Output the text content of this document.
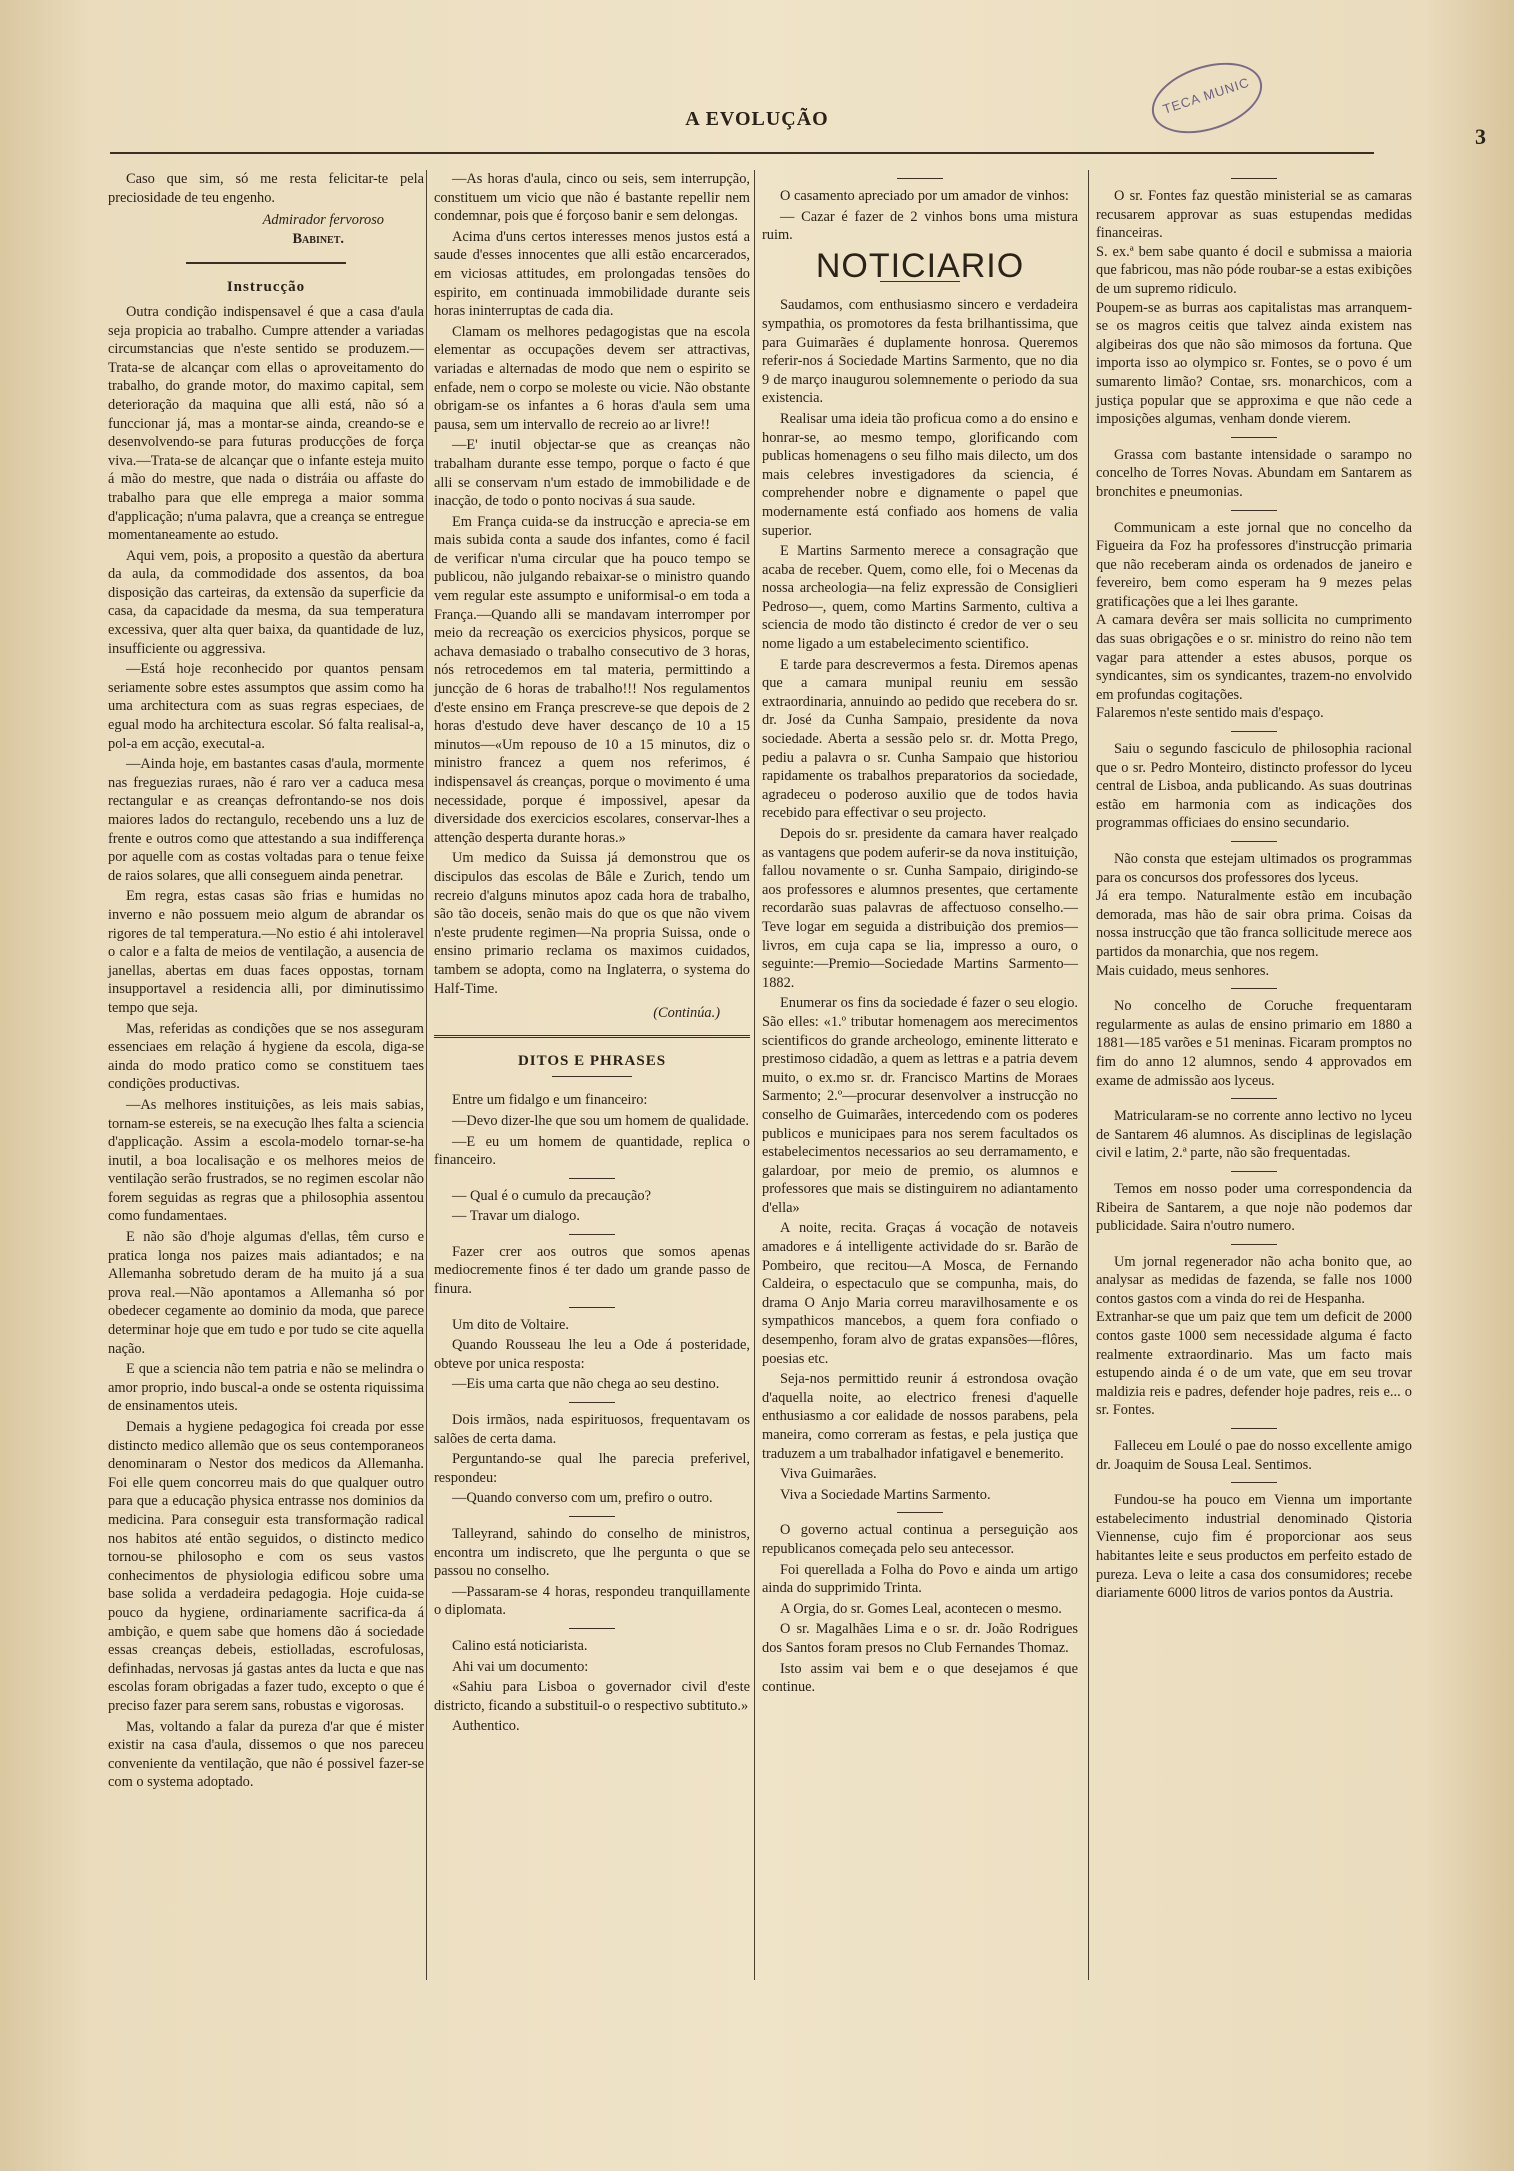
TECA MUNIC
A EVOLUÇÃO
3

Caso que sim, só me resta felicitar-te pela preciosidade de teu engenho.

Admirador fervoroso
Babinet.
Instrucção

Outra condição indispensavel é que a casa d'aula seja propicia ao trabalho. Cumpre attender a variadas circumstancias que n'este sentido se produzem.—Trata-se de alcançar com ellas o aproveitamento do trabalho, do grande motor, do maximo capital, sem deterioração da maquina que alli está, não só a funccionar já, mas a montar-se ainda, creando-se e desenvolvendo-se para futuras producções de força viva.—Trata-se de alcançar que o infante esteja muito á mão do mestre, que nada o distráia ou affaste do trabalho para que elle emprega a maior somma d'applicação; n'uma palavra, que a creança se entregue momentaneamente ao estudo.

Aqui vem, pois, a proposito a questão da abertura da aula, da commodidade dos assentos, da boa disposição das carteiras, da extensão da superficie da casa, da capacidade da mesma, da sua temperatura excessiva, quer alta quer baixa, da quantidade de luz, insufficiente ou aggressiva.

—Está hoje reconhecido por quantos pensam seriamente sobre estes assumptos que assim como ha uma architectura com as suas regras especiaes, de egual modo ha architectura escolar. Só falta realisal-a, pol-a em acção, executal-a.

—Ainda hoje, em bastantes casas d'aula, mormente nas freguezias ruraes, não é raro ver a caduca mesa rectangular e as creanças defrontando-se nos dois maiores lados do rectangulo, recebendo uns a luz de frente e outros como que attestando a sua indifferença por aquelle com as costas voltadas para o tenue feixe de raios solares, que alli conseguem ainda penetrar.

Em regra, estas casas são frias e humidas no inverno e não possuem meio algum de abrandar os rigores de tal temperatura.—No estio é ahi intoleravel o calor e a falta de meios de ventilação, a ausencia de janellas, abertas em duas faces oppostas, tornam insupportavel a residencia alli, por diminutissimo tempo que seja.

Mas, referidas as condições que se nos asseguram essenciaes em relação á hygiene da escola, diga-se ainda do modo pratico como se constituem taes condições productivas.

—As melhores instituições, as leis mais sabias, tornam-se estereis, se na execução lhes falta a sciencia d'applicação. Assim a escola-modelo tornar-se-ha inutil, a boa localisação e os melhores meios de ventilação serão frustrados, se no regimen escolar não forem seguidas as regras que a philosophia assentou como fundamentaes.

E não são d'hoje algumas d'ellas, têm curso e pratica longa nos paizes mais adiantados; e na Allemanha sobretudo deram de ha muito já a sua prova real.—Não apontamos a Allemanha só por obedecer cegamente ao dominio da moda, que parece determinar hoje que em tudo e por tudo se cite aquella nação.

E que a sciencia não tem patria e não se melindra o amor proprio, indo buscal-a onde se ostenta riquissima de ensinamentos uteis.

Demais a hygiene pedagogica foi creada por esse distincto medico allemão que os seus contemporaneos denominaram o Nestor dos medicos da Allemanha. Foi elle quem concorreu mais do que qualquer outro para que a educação physica entrasse nos dominios da medicina. Para conseguir esta transformação radical nos habitos até então seguidos, o distincto medico tornou-se philosopho e com os seus vastos conhecimentos de physiologia edificou sobre uma base solida a verdadeira pedagogia. Hoje cuida-se pouco da hygiene, ordinariamente sacrifica-da á ambição, e quem sabe que homens dão á sociedade essas creanças debeis, estiolladas, escrofulosas, definhadas, nervosas já gastas antes da lucta e que nas escolas foram obrigadas a fazer tudo, excepto o que é preciso fazer para serem sans, robustas e vigorosas.

Mas, voltando a falar da pureza d'ar que é mister existir na casa d'aula, dissemos o que nos pareceu conveniente da ventilação, que não é possivel fazer-se com o systema adoptado.

—As horas d'aula, cinco ou seis, sem interrupção, constituem um vicio que não é bastante repellir nem condemnar, pois que é forçoso banir e sem delongas.

Acima d'uns certos interesses menos justos está a saude d'esses innocentes que alli estão encarcerados, em viciosas attitudes, em prolongadas tensões do espirito, em continuada immobilidade durante seis horas ininterruptas de cada dia.

Clamam os melhores pedagogistas que na escola elementar as occupações devem ser attractivas, variadas e alternadas de modo que nem o espirito se enfade, nem o corpo se moleste ou vicie. Não obstante obrigam-se os infantes a 6 horas d'aula sem uma pausa, sem um intervallo de recreio ao ar livre!!

—E' inutil objectar-se que as creanças não trabalham durante esse tempo, porque o facto é que alli se conservam n'um estado de immobilidade e de inacção, de todo o ponto nocivas á sua saude.

Em França cuida-se da instrucção e aprecia-se em mais subida conta a saude dos infantes, como é facil de verificar n'uma circular que ha pouco tempo se publicou, não julgando rebaixar-se o ministro quando vem regular este assumpto e uniformisal-o em toda a França.—Quando alli se mandavam interromper por meio da recreação os exercicios physicos, porque se achava demasiado o trabalho consecutivo de 3 horas, nós retrocedemos em tal materia, permittindo a juncção de 6 horas de trabalho!!! Nos regulamentos d'este ensino em França prescreve-se que depois de 2 horas d'estudo deve haver descanço de 10 a 15 minutos—«Um repouso de 10 a 15 minutos, diz o ministro francez a quem nos referimos, é indispensavel ás creanças, porque o movimento é uma necessidade, porque é impossivel, apesar da diversidade dos exercicios escolares, conservar-lhes a attenção desperta durante horas.»

Um medico da Suissa já demonstrou que os discipulos das escolas de Bâle e Zurich, tendo um recreio d'alguns minutos apoz cada hora de trabalho, são tão doceis, senão mais do que os que não vivem n'este prudente regimen—Na propria Suissa, onde o ensino primario reclama os maximos cuidados, tambem se adopta, como na Inglaterra, o systema do Half-Time.

(Continúa.)
DITOS E PHRASES

Entre um fidalgo e um financeiro:

—Devo dizer-lhe que sou um homem de qualidade.

—E eu um homem de quantidade, replica o financeiro.

— Qual é o cumulo da precaução?

— Travar um dialogo.

Fazer crer aos outros que somos apenas mediocremente finos é ter dado um grande passo de finura.

Um dito de Voltaire.

Quando Rousseau lhe leu a Ode á posteridade, obteve por unica resposta:

—Eis uma carta que não chega ao seu destino.

Dois irmãos, nada espirituosos, frequentavam os salões de certa dama.

Perguntando-se qual lhe parecia preferivel, respondeu:

—Quando converso com um, prefiro o outro.

Talleyrand, sahindo do conselho de ministros, encontra um indiscreto, que lhe pergunta o que se passou no conselho.

—Passaram-se 4 horas, respondeu tranquillamente o diplomata.

Calino está noticiarista.

Ahi vai um documento:

«Sahiu para Lisboa o governador civil d'este districto, ficando a substituil-o o respectivo subtituto.»

Authentico.

O casamento apreciado por um amador de vinhos:

— Cazar é fazer de 2 vinhos bons uma mistura ruim.

NOTICIARIO

Saudamos, com enthusiasmo sincero e verdadeira sympathia, os promotores da festa brilhantissima, que para Guimarães é duplamente honrosa. Queremos referir-nos á Sociedade Martins Sarmento, que no dia 9 de março inaugurou solemnemente o periodo da sua existencia.

Realisar uma ideia tão proficua como a do ensino e honrar-se, ao mesmo tempo, glorificando com publicas homenagens o seu filho mais dilecto, um dos mais celebres investigadores da sciencia, é comprehender nobre e dignamente o papel que modernamente está confiado aos homens de valia superior.

E Martins Sarmento merece a consagração que acaba de receber. Quem, como elle, foi o Mecenas da nossa archeologia—na feliz expressão de Consiglieri Pedroso—, quem, como Martins Sarmento, cultiva a sciencia de modo tão distincto é credor de ver o seu nome ligado a um estabelecimento scientifico.

E tarde para descrevermos a festa. Diremos apenas que a camara munipal reuniu em sessão extraordinaria, annuindo ao pedido que recebera do sr. dr. José da Cunha Sampaio, presidente da nova sociedade. Aberta a sessão pelo sr. dr. Motta Prego, pediu a palavra o sr. Cunha Sampaio que historiou rapidamente os trabalhos preparatorios da sociedade, agradeceu o poderoso auxilio que de todos havia recebido para effectivar o seu projecto.

Depois do sr. presidente da camara haver realçado as vantagens que podem auferir-se da nova instituição, fallou novamente o sr. Cunha Sampaio, dirigindo-se aos professores e alumnos presentes, que certamente recordarão suas palavras de affectuoso conselho.—Teve logar em seguida a distribuição dos premios—livros, em cuja capa se lia, impresso a ouro, o seguinte:—Premio—Sociedade Martins Sarmento—1882.

Enumerar os fins da sociedade é fazer o seu elogio. São elles: «1.º tributar homenagem aos merecimentos scientificos do grande archeologo, eminente litterato e prestimoso cidadão, a quem as lettras e a patria devem muito, o ex.mo sr. dr. Francisco Martins de Moraes Sarmento; 2.º—procurar desenvolver a instrucção no conselho de Guimarães, intercedendo com os poderes publicos e municipaes para nos serem facultados os estabelecimentos necessarios ao seu derramamento, e galardoar, por meio de premio, os alumnos e professores que mais se distinguirem no adiantamento d'ella»

A noite, recita. Graças á vocação de notaveis amadores e á intelligente actividade do sr. Barão de Pombeiro, que recitou—A Mosca, de Fernando Caldeira, o espectaculo que se compunha, mais, do drama O Anjo Maria correu maravilhosamente e os sympathicos mancebos, a quem fora confiado o desempenho, foram alvo de gratas expansões—flôres, poesias etc.

Seja-nos permittido reunir á estrondosa ovação d'aquella noite, ao electrico frenesi d'aquelle enthusiasmo a cor ealidade de nossos parabens, pela maneira, como correram as festas, e pela justiça que traduzem a um trabalhador infatigavel e benemerito.

Viva Guimarães.

Viva a Sociedade Martins Sarmento.

O governo actual continua a perseguição aos republicanos começada pelo seu antecessor.

Foi querellada a Folha do Povo e ainda um artigo ainda do supprimido Trinta.

A Orgia, do sr. Gomes Leal, acontecen o mesmo.

O sr. Magalhães Lima e o sr. dr. João Rodrigues dos Santos foram presos no Club Fernandes Thomaz.

Isto assim vai bem e o que desejamos é que continue.

O sr. Fontes faz questão ministerial se as camaras recusarem approvar as suas estupendas medidas financeiras.
S. ex.ª bem sabe quanto é docil e submissa a maioria que fabricou, mas não póde roubar-se a estas exibições de um supremo ridiculo.
Poupem-se as burras aos capitalistas mas arranquem-se os magros ceitis que talvez ainda existem nas algibeiras dos que não são mimosos da fortuna. Que importa isso ao olympico sr. Fontes, se o povo é um sumarento limão? Contae, srs. monarchicos, com a justiça popular que se approxima e que não cede a imposições algumas, venham donde vierem.

Grassa com bastante intensidade o sarampo no concelho de Torres Novas. Abundam em Santarem as bronchites e pneumonias.

Communicam a este jornal que no concelho da Figueira da Foz ha professores d'instrucção primaria que não receberam ainda os ordenados de janeiro e fevereiro, bem como esperam ha 9 mezes pelas gratificações que a lei lhes garante.
A camara devêra ser mais sollicita no cumprimento das suas obrigações e o sr. ministro do reino não tem vagar para attender a estes abusos, porque os syndicantes, sim os syndicantes, trazem-no envolvido em profundas cogitações.
Falaremos n'este sentido mais d'espaço.

Saiu o segundo fasciculo de philosophia racional que o sr. Pedro Monteiro, distincto professor do lyceu central de Lisboa, anda publicando. As suas doutrinas estão em harmonia com as indicações dos programmas officiaes do ensino secundario.

Não consta que estejam ultimados os programmas para os concursos dos professores dos lyceus.
Já era tempo. Naturalmente estão em incubação demorada, mas hão de sair obra prima. Coisas da nossa instrucção que tão franca sollicitude merece aos partidos da monarchia, que nos regem.
Mais cuidado, meus senhores.

No concelho de Coruche frequentaram regularmente as aulas de ensino primario em 1880 a 1881—185 varões e 51 meninas. Ficaram promptos no fim do anno 12 alumnos, sendo 4 approvados em exame de admissão aos lyceus.

Matricularam-se no corrente anno lectivo no lyceu de Santarem 46 alumnos. As disciplinas de legislação civil e latim, 2.ª parte, não são frequentadas.

Temos em nosso poder uma correspondencia da Ribeira de Santarem, a que noje não podemos dar publicidade. Saira n'outro numero.

Um jornal regenerador não acha bonito que, ao analysar as medidas de fazenda, se falle nos 1000 contos gastos com a vinda do rei de Hespanha.
Extranhar-se que um paiz que tem um deficit de 2000 contos gaste 1000 sem necessidade alguma é facto realmente extraordinario. Mas um facto mais estupendo ainda é o de um vate, que em seu trovar maldizia reis e padres, defender hoje padres, reis e... o sr. Fontes.

Falleceu em Loulé o pae do nosso excellente amigo dr. Joaquim de Sousa Leal. Sentimos.

Fundou-se ha pouco em Vienna um importante estabelecimento industrial denominado Qistoria Viennense, cujo fim é proporcionar aos seus habitantes leite e seus productos em perfeito estado de pureza. Leva o leite a casa dos consumidores; recebe diariamente 6000 litros de varios pontos da Austria.
